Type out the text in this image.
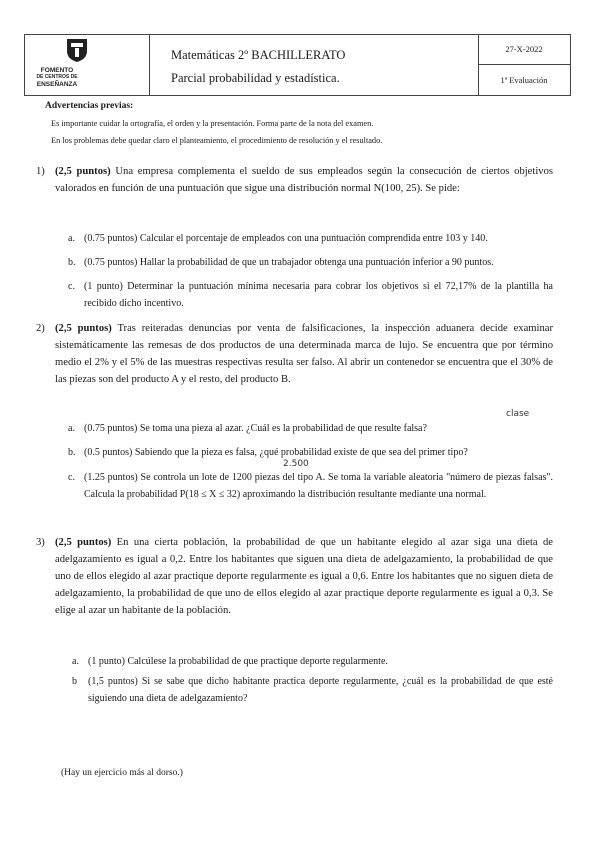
FOMENTO
DE CENTROS DE
ENSEÑANZA
Matemáticas 2º BACHILLERATO
Parcial probabilidad y estadística.
27-X-2022
1ª Evaluación
Advertencias previas:
Es importante cuidar la ortografía, el orden y la presentación. Forma parte de la nota del examen.
En los problemas debe quedar claro el planteamiento, el procedimiento de resolución y el resultado.
1) (2,5 puntos) Una empresa complementa el sueldo de sus empleados según la consecución de ciertos objetivos valorados en función de una puntuación que sigue una distribución normal N(100, 25). Se pide:
a. (0.75 puntos) Calcular el porcentaje de empleados con una puntuación comprendida entre 103 y 140.
b. (0.75 puntos) Hallar la probabilidad de que un trabajador obtenga una puntuación inferior a 90 puntos.
c. (1 punto) Determinar la puntuación mínima necesaria para cobrar los objetivos si el 72,17% de la plantilla ha recibido dicho incentivo.
2) (2,5 puntos) Tras reiteradas denuncias por venta de falsificaciones, la inspección aduanera decide examinar sistemáticamente las remesas de dos productos de una determinada marca de lujo. Se encuentra que por término medio el 2% y el 5% de las muestras respectivas resulta ser falso. Al abrir un contenedor se encuentra que el 30% de las piezas son del producto A y el resto, del producto B.
clase
a. (0.75 puntos) Se toma una pieza al azar. ¿Cuál es la probabilidad de que resulte falsa?
b. (0.5 puntos) Sabiendo que la pieza es falsa, ¿qué probabilidad existe de que sea del primer tipo?
2.500
c. (1.25 puntos) Se controla un lote de 1200 piezas del tipo A. Se toma la variable aleatoria "número de piezas falsas". Calcula la probabilidad P(18 ≤ X ≤ 32) aproximando la distribución resultante mediante una normal.
3) (2,5 puntos) En una cierta población, la probabilidad de que un habitante elegido al azar siga una dieta de adelgazamiento es igual a 0,2. Entre los habitantes que siguen una dieta de adelgazamiento, la probabilidad de que uno de ellos elegido al azar practique deporte regularmente es igual a 0,6. Entre los habitantes que no siguen dieta de adelgazamiento, la probabilidad de que uno de ellos elegido al azar practique deporte regularmente es igual a 0,3. Se elige al azar un habitante de la población.
a. (1 punto) Calcúlese la probabilidad de que practique deporte regularmente.
b (1,5 puntos) Si se sabe que dicho habitante practica deporte regularmente, ¿cuál es la probabilidad de que esté siguiendo una dieta de adelgazamiento?
(Hay un ejercicio más al dorso.)
